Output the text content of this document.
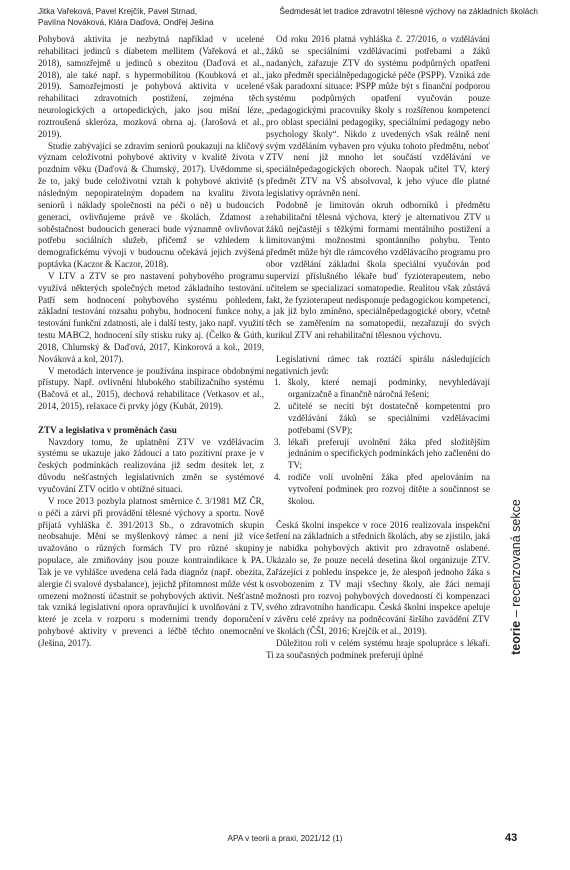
Jitka Vařeková, Pavel Krejčík, Pavel Strnad,
Pavlína Nováková, Klára Daďová, Ondřej Ješina
Šedmdesát let tradice zdravotní tělesné výchovy na základních školách

Pohybová aktivita je nezbytná například v ucelené rehabilitaci jedinců s diabetem mellitem (Vařeková et al., 2018), samozřejmě u jedinců s obezitou (Daďová et al., 2018), ale také např. s hypermobilitou (Koubková et al., 2019). Samozřejmostí je pohybová aktivita v ucelené rehabilitaci zdravotních postižení, zejména těch neurologických a ortopedických, jako jsou mišní léze, roztroušená skleróza, mozková obrna aj. (Jarošová et al., 2019).

Studie zabývající se zdravím seniorů poukazují na klíčový význam celoživotní pohybové aktivity v kvalitě života v pozdním věku (Daďová & Chumský, 2017). Uvědomme si, že to, jaký bude celoživotní vztah k pohybové aktivitě (s následným nepopiratelným dopadem na kvalitu života seniorů i náklady společnosti na péči o ně) u budoucích generací, ovlivňujeme právě ve školách. Zdatnost a soběstačnost budoucích generací bude významně ovlivňovat potřebu sociálních služeb, přičemž se vzhledem k demografickému vývoji v budoucnu očekává jejich zvýšená poptávka (Kaczor & Kaczor, 2018).

V LTV a ZTV se pro nastavení pohybového programu využívá některých společných metod základního testování. Patří sem hodnocení pohybového systému pohledem, základní testování rozsahu pohybu, hodnocení funkce nohy, testování funkční zdatnosti, ale i další testy, jako např. využití testu MABC2, hodnocení síly stisku ruky aj. (Čelko & Gúth, 2018, Chlumský & Daďová, 2017, Kinkorová a kol., 2019, Nováková a kol, 2017).

V metodách intervence je používána inspirace obdobnými přístupy. Např. ovlivnění hlubokého stabilizačního systému (Bačová et al., 2015), dechová rehabilitace (Vetkasov et al., 2014, 2015), relaxace či prvky jógy (Kubát, 2019).

ZTV a legislativa v proměnách času

Navzdory tomu, že uplatnění ZTV ve vzdělávacím systému se ukazuje jako žádoucí a tato pozitivní praxe je v českých podmínkách realizována již sedm desítek let, z důvodu nešťastných legislativních změn se systémové vyučování ZTV ocitlo v obtížné situaci.

V roce 2013 pozbyla platnost směrnice č. 3/1981 MZ ČR, o péči a zárvi při provádění tělesné výchovy a sportu. Nově přijatá vyhláška č. 391/2013 Sb., o zdravotních skupin neobsahuje. Mění se myšlenkový rámec a není již více uvažováno o různých formách TV pro různé skupiny populace, ale zmiňovány jsou pouze kontraindikace k PA. Tak je ve vyhlášce uvedena celá řada diagnóz (např. obezita, alergie či svalové dysbalance), jejichž přítomnost může vést k omezení možností účastnit se pohybových aktivit. Nešťastně tak vzniká legislativní opora opravňující k uvolňování z TV, které je zcela v rozporu s moderními trendy doporučení pohybové aktivity v prevenci a léčbě těchto onemocnění (Ješina, 2017).

Od roku 2016 platná vyhláška č. 27/2016, o vzdělávání žáků se speciálními vzdělávacími potřebami a žáků nadaných, zařazuje ZTV do systému podpůrných opatření jako předmět speciálněpedagogické péče (PSPP). Vzniká zde však paradoxní situace: PSPP může být s finanční podporou systému podpůrných opatření vyučován pouze „pedagogickými pracovníky školy s rozšířenou kompetencí pro oblast speciální pedagogiky, speciálními pedagogy nebo psychology školy“. Nikdo z uvedených však reálně není svým vzděláním vybaven pro výuku tohoto předmětu, neboť ZTV není již mnoho let součástí vzdělávání ve speciálněpedagogických oborech. Naopak učitel TV, který předmět ZTV na VŠ absolvoval, k jeho výuce dle platné legislativy oprávněn není.

Podobně je limitován okruh odborníků i předmětu rehabilitační tělesná výchova, který je alternativou ZTV u žáků nejčastěji s těžkými formami mentálního postižení a limitovanými možnostmi spontánního pohybu. Tento předmět může být dle rámcového vzdělávacího programu pro obor vzdělání základní škola speciální vyučován pod supervizí příslušného lékaře buď fyzioterapeutem, nebo učitelem se specializací somatopedie. Realitou však zůstává fakt, že fyzioterapeut nedisponuje pedagogickou kompetencí, a jak již bylo zmíněno, speciálněpedagogické obory, včetně těch se zaměřením na somatopedii, nezařazují do svých kurikul ZTV ani rehabilitační tělesnou výchovu.

Legislativní rámec tak roztáčí spirálu následujících negativních jevů:

1. školy, které nemají podmínky, nevyhledávají organizačně a finančně náročná řešení;
2. učitelé se necítí být dostatečně kompetentní pro vzdělávání žáků se speciálními vzdělávacími potřebami (SVP);
3. lékaři preferují uvolnění žáka před složitějším jednáním o specifických podmínkách jeho začlenění do TV;
4. rodiče volí uvolnění žáka před apelováním na vytvoření podmínek pro rozvoj dítěte a součinnost se školou.

Česká školní inspekce v roce 2016 realizovala inspekční šetření na základních a středních školách, aby se zjistilo, jaká je nabídka pohybových aktivit pro zdravotně oslabené. Ukázalo se, že pouze necelá desetina škol organizuje ZTV. Zařázející z pohledu inspekce je, že alespoň jednoho žáka s osvobozením z TV mají všechny školy, ale žáci nemají možnosti pro rozvoj pohybových dovedností či kompenzaci svého zdravotního handicapu. Česká školní inspekce apeluje v závěru celé zprávy na podněcování širšího zavádění ZTV ve školách (ČŠI, 2016; Krejčík et al., 2019).

Důležitou roli v celém systému hraje spolupráce s lékaři. Ti za současných podmínek preferují úplné	teorie – recenzovaná sekce
APA v teorii a praxi, 2021/12 (1)	43
